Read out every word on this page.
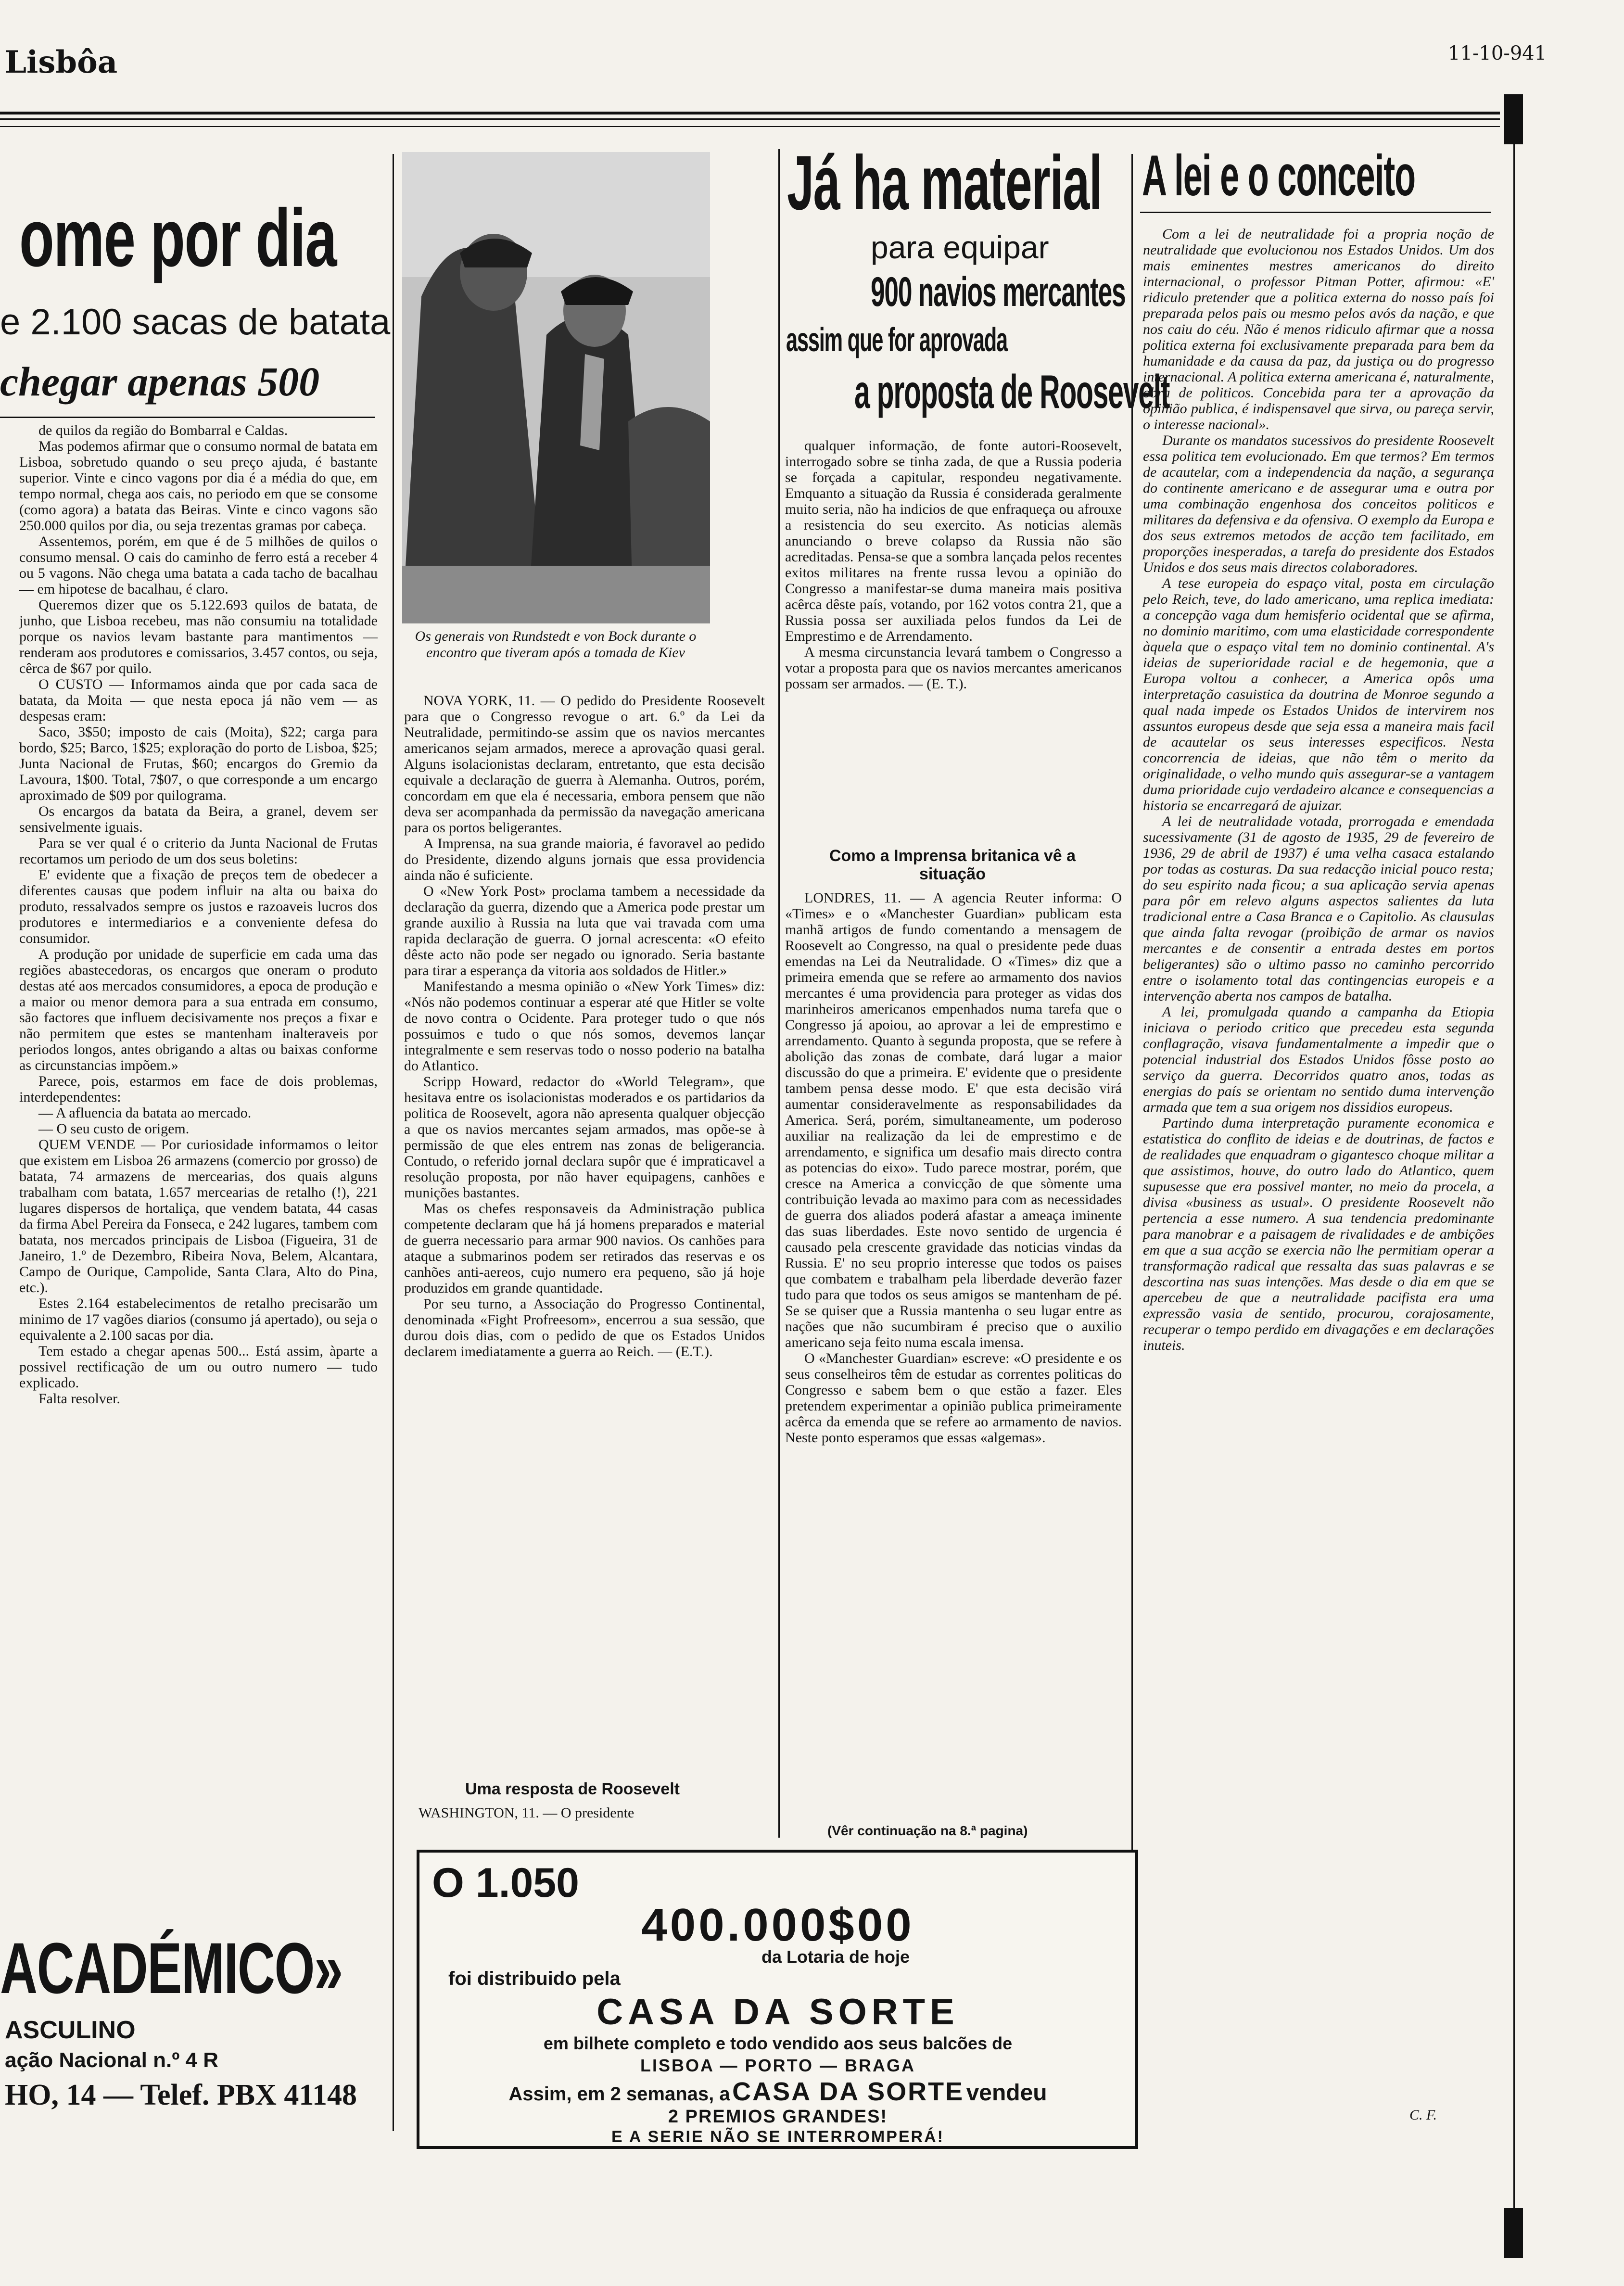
Lisbôa	11-10-941
ome por dia
e 2.100 sacas de batata
chegar apenas 500

de quilos da região do Bombarral e Caldas.

Mas podemos afirmar que o consumo normal de batata em Lisboa, sobretudo quando o seu preço ajuda, é bastante superior. Vinte e cinco vagons por dia é a média do que, em tempo normal, chega aos cais, no periodo em que se consome (como agora) a batata das Beiras. Vinte e cinco vagons são 250.000 quilos por dia, ou seja trezentas gramas por cabeça.

Assentemos, porém, em que é de 5 milhões de quilos o consumo mensal. O cais do caminho de ferro está a receber 4 ou 5 vagons. Não chega uma batata a cada tacho de bacalhau — em hipotese de bacalhau, é claro.

Queremos dizer que os 5.122.693 quilos de batata, de junho, que Lisboa recebeu, mas não consumiu na totalidade porque os navios levam bastante para mantimentos — renderam aos produtores e comissarios, 3.457 contos, ou seja, cêrca de $67 por quilo.

O CUSTO — Informamos ainda que por cada saca de batata, da Moita — que nesta epoca já não vem — as despesas eram:

Saco, 3$50; imposto de cais (Moita), $22; carga para bordo, $25; Barco, 1$25; exploração do porto de Lisboa, $25; Junta Nacional de Frutas, $60; encargos do Gremio da Lavoura, 1$00. Total, 7$07, o que corresponde a um encargo aproximado de $09 por quilograma.

Os encargos da batata da Beira, a granel, devem ser sensivelmente iguais.

Para se ver qual é o criterio da Junta Nacional de Frutas recortamos um periodo de um dos seus boletins:

E' evidente que a fixação de preços tem de obedecer a diferentes causas que podem influir na alta ou baixa do produto, ressalvados sempre os justos e razoaveis lucros dos produtores e intermediarios e a conveniente defesa do consumidor.

A produção por unidade de superficie em cada uma das regiões abastecedoras, os encargos que oneram o produto destas até aos mercados consumidores, a epoca de produção e a maior ou menor demora para a sua entrada em consumo, são factores que influem decisivamente nos preços a fixar e não permitem que estes se mantenham inalteraveis por periodos longos, antes obrigando a altas ou baixas conforme as circunstancias impõem.»

Parece, pois, estarmos em face de dois problemas, interdependentes:

— A afluencia da batata ao mercado.

— O seu custo de origem.

QUEM VENDE — Por curiosidade informamos o leitor que existem em Lisboa 26 armazens (comercio por grosso) de batata, 74 armazens de mercearias, dos quais alguns trabalham com batata, 1.657 mercearias de retalho (!), 221 lugares dispersos de hortaliça, que vendem batata, 44 casas da firma Abel Pereira da Fonseca, e 242 lugares, tambem com batata, nos mercados principais de Lisboa (Figueira, 31 de Janeiro, 1.º de Dezembro, Ribeira Nova, Belem, Alcantara, Campo de Ourique, Campolide, Santa Clara, Alto do Pina, etc.).

Estes 2.164 estabelecimentos de retalho precisarão um minimo de 17 vagões diarios (consumo já apertado), ou seja o equivalente a 2.100 sacas por dia.

Tem estado a chegar apenas 500... Está assim, àparte a possivel rectificação de um ou outro numero — tudo explicado.

Falta resolver.

ACADÉMICO»
ASCULINO
ação Nacional n.º 4 R
HO, 14 — Telef. PBX 41148
Os generais von Rundstedt e von Bock durante o encontro que tiveram após a tomada de Kiev

NOVA YORK, 11. — O pedido do Presidente Roosevelt para que o Congresso revogue o art. 6.º da Lei da Neutralidade, permitindo-se assim que os navios mercantes americanos sejam armados, merece a aprovação quasi geral. Alguns isolacionistas declaram, entretanto, que esta decisão equivale a declaração de guerra à Alemanha. Outros, porém, concordam em que ela é necessaria, embora pensem que não deva ser acompanhada da permissão da navegação americana para os portos beligerantes.

A Imprensa, na sua grande maioria, é favoravel ao pedido do Presidente, dizendo alguns jornais que essa providencia ainda não é suficiente.

O «New York Post» proclama tambem a necessidade da declaração da guerra, dizendo que a America pode prestar um grande auxilio à Russia na luta que vai travada com uma rapida declaração de guerra. O jornal acrescenta: «O efeito dêste acto não pode ser negado ou ignorado. Seria bastante para tirar a esperança da vitoria aos soldados de Hitler.»

Manifestando a mesma opinião o «New York Times» diz: «Nós não podemos continuar a esperar até que Hitler se volte de novo contra o Ocidente. Para proteger tudo o que nós possuimos e tudo o que nós somos, devemos lançar integralmente e sem reservas todo o nosso poderio na batalha do Atlantico.

Scripp Howard, redactor do «World Telegram», que hesitava entre os isolacionistas moderados e os partidarios da politica de Roosevelt, agora não apresenta qualquer objecção a que os navios mercantes sejam armados, mas opõe-se à permissão de que eles entrem nas zonas de beligerancia. Contudo, o referido jornal declara supôr que é impraticavel a resolução proposta, por não haver equipagens, canhões e munições bastantes.

Mas os chefes responsaveis da Administração publica competente declaram que há já homens preparados e material de guerra necessario para armar 900 navios. Os canhões para ataque a submarinos podem ser retirados das reservas e os canhões anti-aereos, cujo numero era pequeno, são já hoje produzidos em grande quantidade.

Por seu turno, a Associação do Progresso Continental, denominada «Fight Profreesom», encerrou a sua sessão, que durou dois dias, com o pedido de que os Estados Unidos declarem imediatamente a guerra ao Reich. — (E.T.).

Uma resposta de Roosevelt
WASHINGTON, 11. — O presidente
Já ha material
para equipar
900 navios mercantes
assim que for aprovada
a proposta de Roosevelt

qualquer informação, de fonte autori-Roosevelt, interrogado sobre se tinha zada, de que a Russia poderia se forçada a capitular, respondeu negativamente. Emquanto a situação da Russia é considerada geralmente muito seria, não ha indicios de que enfraqueça ou afrouxe a resistencia do seu exercito. As noticias alemãs anunciando o breve colapso da Russia não são acreditadas. Pensa-se que a sombra lançada pelos recentes exitos militares na frente russa levou a opinião do Congresso a manifestar-se duma maneira mais positiva acêrca dêste país, votando, por 162 votos contra 21, que a Russia possa ser auxiliada pelos fundos da Lei de Emprestimo e de Arrendamento.

A mesma circunstancia levará tambem o Congresso a votar a proposta para que os navios mercantes americanos possam ser armados. — (E. T.).

Como a Imprensa britanica vê a situação

LONDRES, 11. — A agencia Reuter informa: O «Times» e o «Manchester Guardian» publicam esta manhã artigos de fundo comentando a mensagem de Roosevelt ao Congresso, na qual o presidente pede duas emendas na Lei da Neutralidade. O «Times» diz que a primeira emenda que se refere ao armamento dos navios mercantes é uma providencia para proteger as vidas dos marinheiros americanos empenhados numa tarefa que o Congresso já apoiou, ao aprovar a lei de emprestimo e arrendamento. Quanto à segunda proposta, que se refere à abolição das zonas de combate, dará lugar a maior discussão do que a primeira. E' evidente que o presidente tambem pensa desse modo. E' que esta decisão virá aumentar consideravelmente as responsabilidades da America. Será, porém, simultaneamente, um poderoso auxiliar na realização da lei de emprestimo e de arrendamento, e significa um desafio mais directo contra as potencias do eixo». Tudo parece mostrar, porém, que cresce na America a convicção de que sòmente uma contribuição levada ao maximo para com as necessidades de guerra dos aliados poderá afastar a ameaça iminente das suas liberdades. Este novo sentido de urgencia é causado pela crescente gravidade das noticias vindas da Russia. E' no seu proprio interesse que todos os paises que combatem e trabalham pela liberdade deverão fazer tudo para que todos os seus amigos se mantenham de pé. Se se quiser que a Russia mantenha o seu lugar entre as nações que não sucumbiram é preciso que o auxilio americano seja feito numa escala imensa.

O «Manchester Guardian» escreve: «O presidente e os seus conselheiros têm de estudar as correntes politicas do Congresso e sabem bem o que estão a fazer. Eles pretendem experimentar a opinião publica primeiramente acêrca da emenda que se refere ao armamento de navios. Neste ponto esperamos que essas «algemas».

(Vêr continuação na 8.ª pagina)
O 1.050
400.000$00
da Lotaria de hoje
foi distribuido pela
CASA DA SORTE
em bilhete completo e todo vendido aos seus balcões de
LISBOA — PORTO — BRAGA
Assim, em 2 semanas, a CASA DA SORTE vendeu
2 PREMIOS GRANDES!
E A SERIE NÃO SE INTERROMPERÁ!
A lei e o conceito

Com a lei de neutralidade foi a propria noção de neutralidade que evolucionou nos Estados Unidos. Um dos mais eminentes mestres americanos do direito internacional, o professor Pitman Potter, afirmou: «E' ridiculo pretender que a politica externa do nosso país foi preparada pelos pais ou mesmo pelos avós da nação, e que nos caiu do céu. Não é menos ridiculo afirmar que a nossa politica externa foi exclusivamente preparada para bem da humanidade e da causa da paz, da justiça ou do progresso internacional. A politica externa americana é, naturalmente, obra de politicos. Concebida para ter a aprovação da opinião publica, é indispensavel que sirva, ou pareça servir, o interesse nacional».

Durante os mandatos sucessivos do presidente Roosevelt essa politica tem evolucionado. Em que termos? Em termos de acautelar, com a independencia da nação, a segurança do continente americano e de assegurar uma e outra por uma combinação engenhosa dos conceitos politicos e militares da defensiva e da ofensiva. O exemplo da Europa e dos seus extremos metodos de acção tem facilitado, em proporções inesperadas, a tarefa do presidente dos Estados Unidos e dos seus mais directos colaboradores.

A tese europeia do espaço vital, posta em circulação pelo Reich, teve, do lado americano, uma replica imediata: a concepção vaga dum hemisferio ocidental que se afirma, no dominio maritimo, com uma elasticidade correspondente àquela que o espaço vital tem no dominio continental. A's ideias de superioridade racial e de hegemonia, que a Europa voltou a conhecer, a America opôs uma interpretação casuistica da doutrina de Monroe segundo a qual nada impede os Estados Unidos de intervirem nos assuntos europeus desde que seja essa a maneira mais facil de acautelar os seus interesses especificos. Nesta concorrencia de ideias, que não têm o merito da originalidade, o velho mundo quis assegurar-se a vantagem duma prioridade cujo verdadeiro alcance e consequencias a historia se encarregará de ajuizar.

A lei de neutralidade votada, prorrogada e emendada sucessivamente (31 de agosto de 1935, 29 de fevereiro de 1936, 29 de abril de 1937) é uma velha casaca estalando por todas as costuras. Da sua redacção inicial pouco resta; do seu espirito nada ficou; a sua aplicação servia apenas para pôr em relevo alguns aspectos salientes da luta tradicional entre a Casa Branca e o Capitolio. As clausulas que ainda falta revogar (proibição de armar os navios mercantes e de consentir a entrada destes em portos beligerantes) são o ultimo passo no caminho percorrido entre o isolamento total das contingencias europeis e a intervenção aberta nos campos de batalha.

A lei, promulgada quando a campanha da Etiopia iniciava o periodo critico que precedeu esta segunda conflagração, visava fundamentalmente a impedir que o potencial industrial dos Estados Unidos fôsse posto ao serviço da guerra. Decorridos quatro anos, todas as energias do país se orientam no sentido duma intervenção armada que tem a sua origem nos dissidios europeus.

Partindo duma interpretação puramente economica e estatistica do conflito de ideias e de doutrinas, de factos e de realidades que enquadram o gigantesco choque militar a que assistimos, houve, do outro lado do Atlantico, quem supusesse que era possivel manter, no meio da procela, a divisa «business as usual». O presidente Roosevelt não pertencia a esse numero. A sua tendencia predominante para manobrar e a paisagem de rivalidades e de ambições em que a sua acção se exercia não lhe permitiam operar a transformação radical que ressalta das suas palavras e se descortina nas suas intenções. Mas desde o dia em que se apercebeu de que a neutralidade pacifista era uma expressão vasia de sentido, procurou, corajosamente, recuperar o tempo perdido em divagações e em declarações inuteis.

C. F.
